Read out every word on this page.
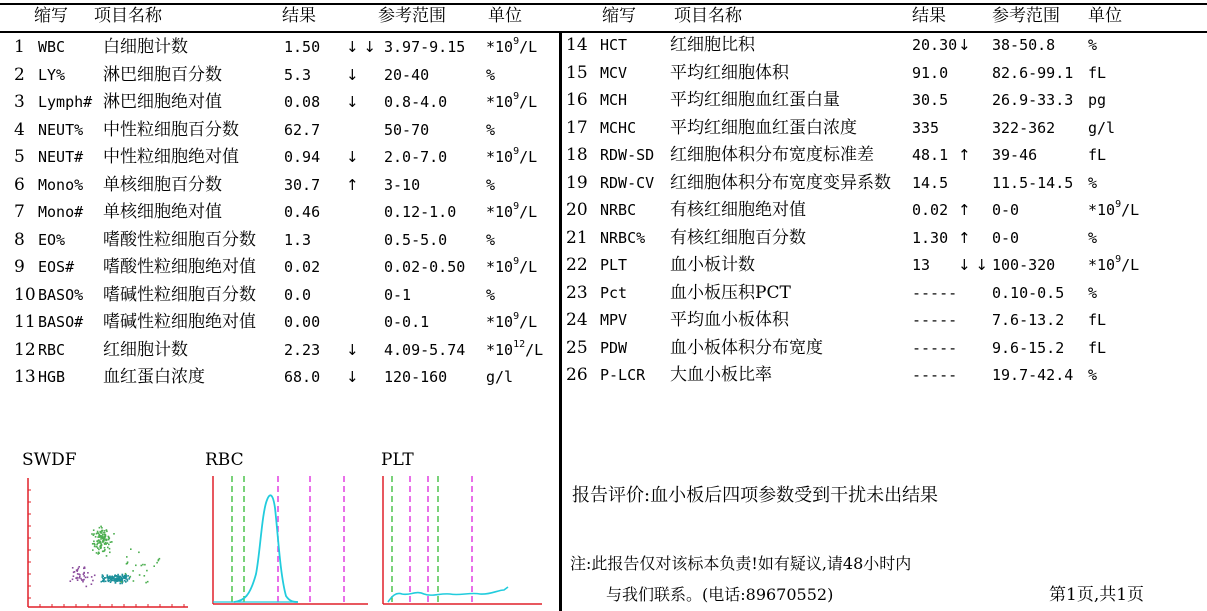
缩写 项目名称	结果	参考范围 单位	缩写 项目名称	结果	参考范围 单位
1 WBC 白细胞计数	1.50 ↓ ↓ 3.97-9.15 $*10^9/L$
2 LY% 淋巴细胞百分数	5.3 ↓ 20-40	%
3 Lymph# 淋巴细胞绝对值	0.08 ↓ 0.8-4.0	$*10^9/L$
4 NEUT% 中性粒细胞百分数	62.7	50-70	%
5 NEUT# 中性粒细胞绝对值	0.94 ↓ 2.0-7.0	$*10^9/L$
6 Mono% 单核细胞百分数	30.7 ↑ 3-10	%
7 Mono# 单核细胞绝对值	0.46	0.12-1.0 $*10^9/L$
8 EO% 嗜酸性粒细胞百分数 1.3	0.5-5.0	%
9 EOS# 嗜酸性粒细胞绝对值 0.02	0.02-0.50 $*10^9/L$
10 BASO% 嗜碱性粒细胞百分数 0.0	0-1	%
11 BASO# 嗜碱性粒细胞绝对值 0.00	0-0.1	$*10^9/L$
12 RBC 红细胞计数	2.23 ↓ 4.09-5.74 $*10^{12}/L$
13 HGB 血红蛋白浓度	68.0 ↓ 120-160	g/l
14 HCT	红细胞比积	20.30 ↓ 38-50.8 %
15 MCV	平均红细胞体积	91.0	82.6-99.1 fL
16 MCH	平均红细胞血红蛋白量	30.5	26.9-33.3 pg
17 MCHC 平均红细胞血红蛋白浓度	335	322-362 g/l
18 RDW-SD 红细胞体积分布宽度标准差	48.1 ↑ 39-46	fL
19 RDW-CV 红细胞体积分布宽度变异系数 14.5	11.5-14.5 %
20 NRBC 有核红细胞绝对值	0.02 ↑ 0-0	$*10^9/L$
21 NRBC% 有核红细胞百分数	1.30 ↑ 0-0	%
22 PLT	血小板计数	13 ↓ ↓ 100-320 $*10^9/L$
23 Pct	血小板压积PCT	----- 0.10-0.5 %
24 MPV	平均血小板体积	----- 7.6-13.2 fL
25 PDW	血小板体积分布宽度	----- 9.6-15.2 fL
26 P-LCR 大血小板比率	----- 19.7-42.4 %
SWDF	RBC	PLT
报告评价:血小板后四项参数受到干扰未出结果
注:此报告仅对该标本负责!如有疑议,请48小时内
与我们联系。(电话:89670552)	第1页,共1页
